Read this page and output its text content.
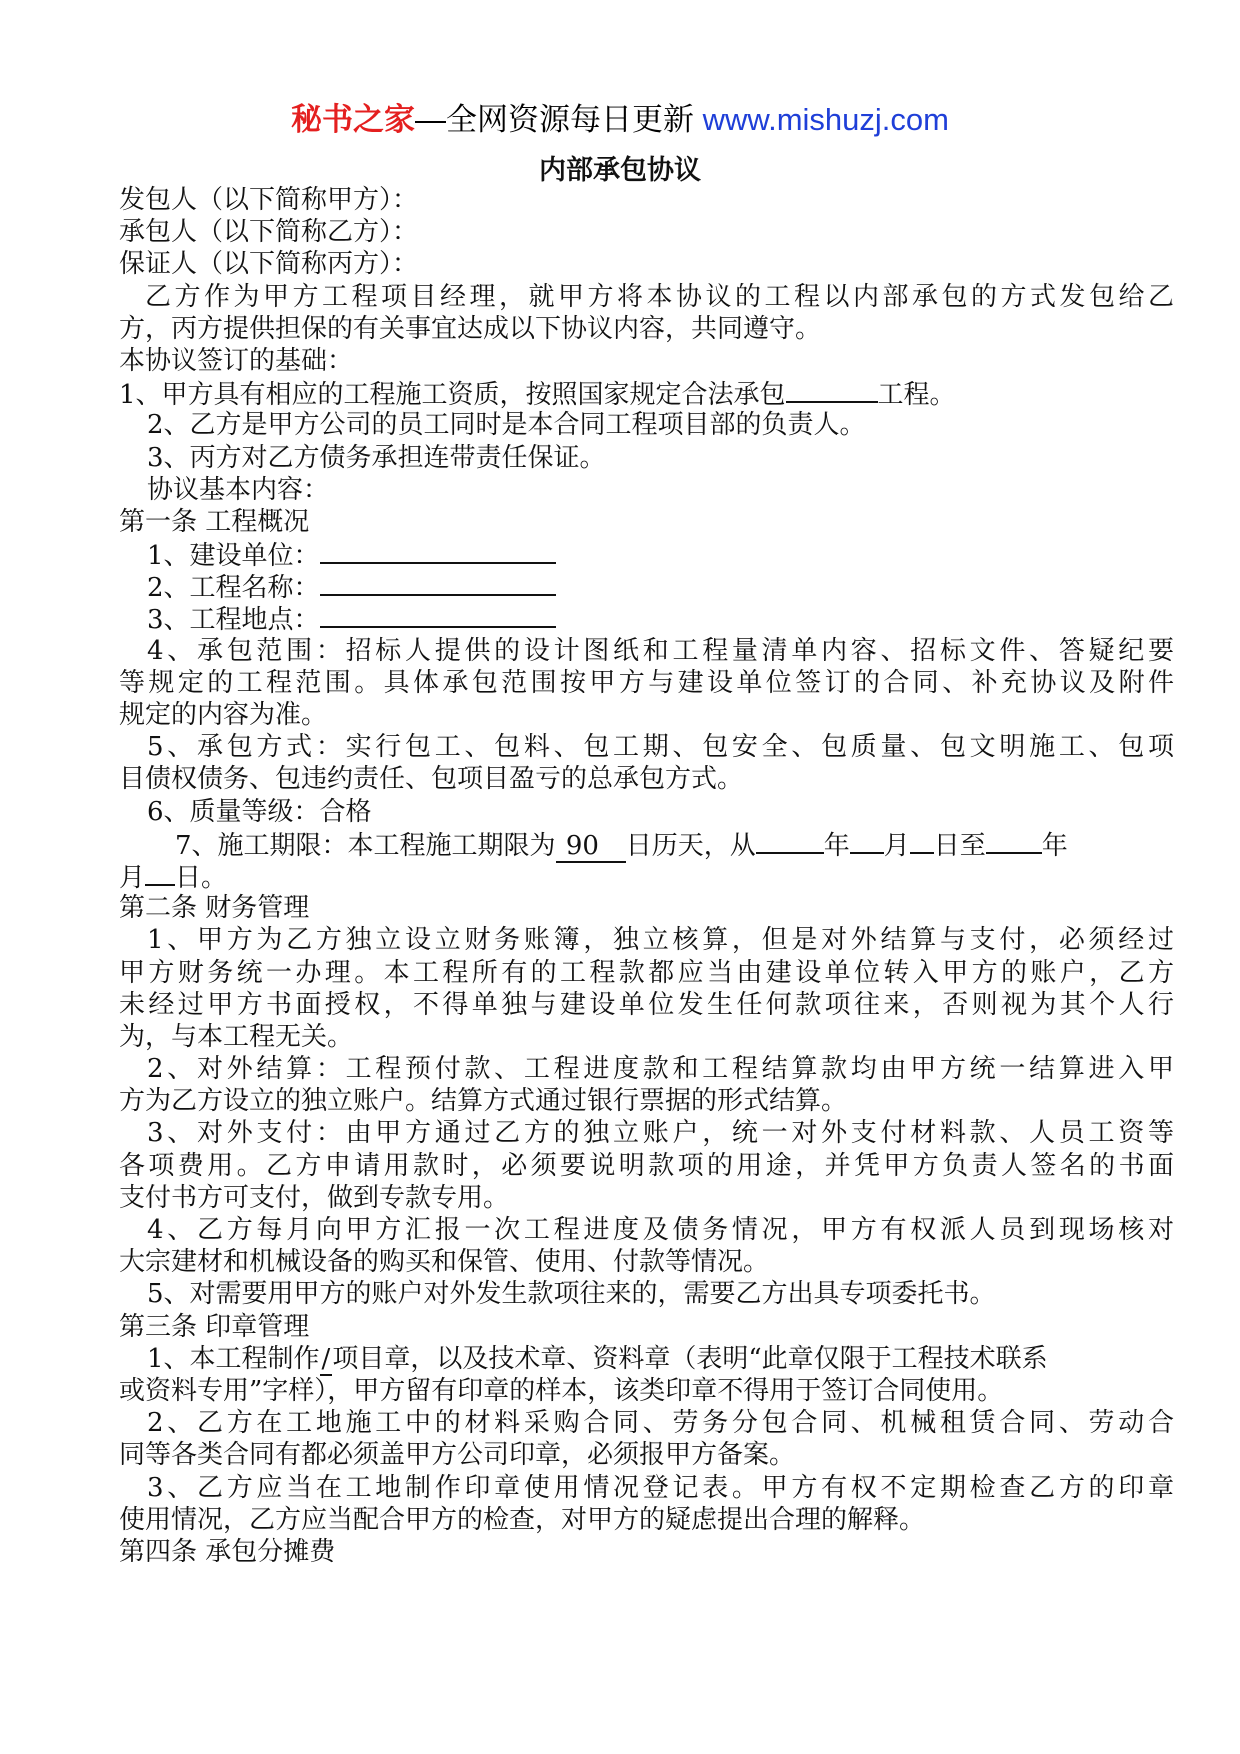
秘书之家—全网资源每日更新 www.mishuzj.com
内部承包协议
发包人（以下简称甲方）：
承包人（以下简称乙方）：
保证人（以下简称丙方）：
乙方作为甲方工程项目经理，就甲方将本协议的工程以内部承包的方式发包给乙
方，丙方提供担保的有关事宜达成以下协议内容，共同遵守。
本协议签订的基础：
1、甲方具有相应的工程施工资质，按照国家规定合法承包	工程。
2、乙方是甲方公司的员工同时是本合同工程项目部的负责人。
3、丙方对乙方债务承担连带责任保证。
协议基本内容：
第一条 工程概况
1、建设单位：
2、工程名称：
3、工程地点：
4、承包范围：招标人提供的设计图纸和工程量清单内容、招标文件、答疑纪要
等规定的工程范围。具体承包范围按甲方与建设单位签订的合同、补充协议及附件
规定的内容为准。
5、承包方式：实行包工、包料、包工期、包安全、包质量、包文明施工、包项
目债权债务、包违约责任、包项目盈亏的总承包方式。
6、质量等级：合格
7、施工期限：本工程施工期限为 90 日历天，从	年 月 日至 年
月 日。
第二条 财务管理
1、甲方为乙方独立设立财务账簿，独立核算，但是对外结算与支付，必须经过
甲方财务统一办理。本工程所有的工程款都应当由建设单位转入甲方的账户，乙方
未经过甲方书面授权，不得单独与建设单位发生任何款项往来，否则视为其个人行
为，与本工程无关。
2、对外结算：工程预付款、工程进度款和工程结算款均由甲方统一结算进入甲
方为乙方设立的独立账户。结算方式通过银行票据的形式结算。
3、对外支付：由甲方通过乙方的独立账户，统一对外支付材料款、人员工资等
各项费用。乙方申请用款时，必须要说明款项的用途，并凭甲方负责人签名的书面
支付书方可支付，做到专款专用。
4、乙方每月向甲方汇报一次工程进度及债务情况，甲方有权派人员到现场核对
大宗建材和机械设备的购买和保管、使用、付款等情况。
5、对需要用甲方的账户对外发生款项往来的，需要乙方出具专项委托书。
第三条 印章管理
1、本工程制作/项目章，以及技术章、资料章（表明“此章仅限于工程技术联系
或资料专用”字样），甲方留有印章的样本，该类印章不得用于签订合同使用。
2、乙方在工地施工中的材料采购合同、劳务分包合同、机械租赁合同、劳动合
同等各类合同有都必须盖甲方公司印章，必须报甲方备案。
3、乙方应当在工地制作印章使用情况登记表。甲方有权不定期检查乙方的印章
使用情况，乙方应当配合甲方的检查，对甲方的疑虑提出合理的解释。
第四条 承包分摊费
